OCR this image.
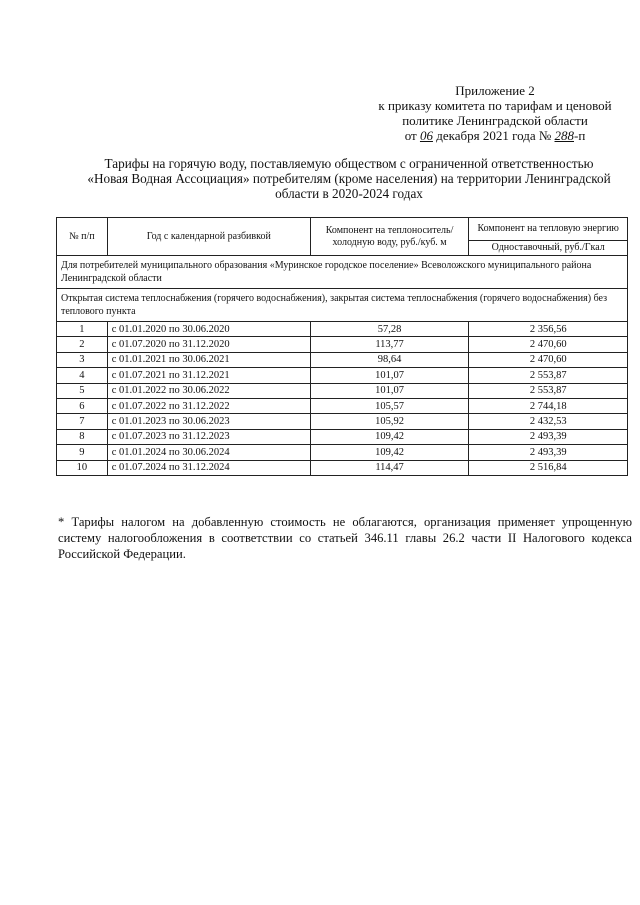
Приложение 2
к приказу комитета по тарифам и ценовой
политике Ленинградской области
от 06 декабря 2021 года № 288-п
Тарифы на горячую воду, поставляемую обществом с ограниченной ответственностью
«Новая Водная Ассоциация» потребителям (кроме населения) на территории Ленинградской
области в 2020-2024 годах
№ п/п	Год с календарной разбивкой	Компонент на теплоноситель/ холодную воду, руб./куб. м	Компонент на тепловую энергию
			Одноставочный, руб./Гкал
Для потребителей муниципального образования «Муринское городское поселение» Всеволожского муниципального района Ленинградской области			
Открытая система теплоснабжения (горячего водоснабжения), закрытая система теплоснабжения (горячего водоснабжения) без теплового пункта			
1	с 01.01.2020 по 30.06.2020	57,28	2 356,56
2	с 01.07.2020 по 31.12.2020	113,77	2 470,60
3	с 01.01.2021 по 30.06.2021	98,64	2 470,60
4	с 01.07.2021 по 31.12.2021	101,07	2 553,87
5	с 01.01.2022 по 30.06.2022	101,07	2 553,87
6	с 01.07.2022 по 31.12.2022	105,57	2 744,18
7	с 01.01.2023 по 30.06.2023	105,92	2 432,53
8	с 01.07.2023 по 31.12.2023	109,42	2 493,39
9	с 01.01.2024 по 30.06.2024	109,42	2 493,39
10	с 01.07.2024 по 31.12.2024	114,47	2 516,84
* Тарифы налогом на добавленную стоимость не облагаются, организация применяет упрощенную систему налогообложения в соответствии со статьей 346.11 главы 26.2 части II Налогового кодекса Российской Федерации.
